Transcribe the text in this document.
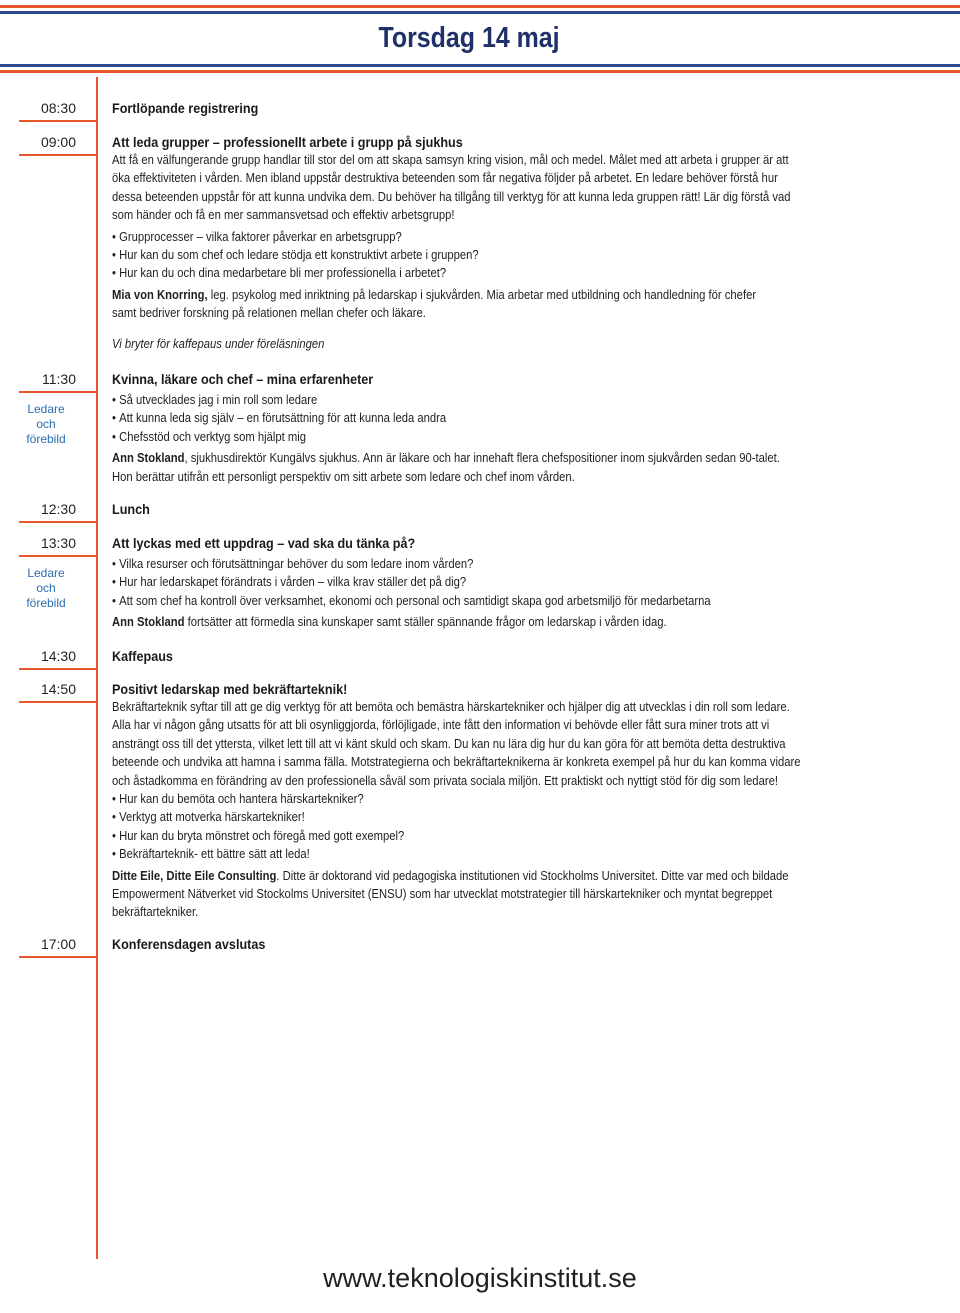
Torsdag 14 maj
08:30
09:00
11:30
Ledare och förebild
12:30
13:30
Ledare och förebild
14:30
14:50
17:00
Fortlöpande registrering
Att leda grupper – professionellt arbete i grupp på sjukhus
Att få en välfungerande grupp handlar till stor del om att skapa samsyn kring vision, mål och medel. Målet med att arbeta i grupper är att
öka effektiviteten i vården. Men ibland uppstår destruktiva beteenden som får negativa följder på arbetet. En ledare behöver förstå hur
dessa beteenden uppstår för att kunna undvika dem. Du behöver ha tillgång till verktyg för att kunna leda gruppen rätt! Lär dig förstå vad
som händer och få en mer sammansvetsad och effektiv arbetsgrupp!
• Grupprocesser – vilka faktorer påverkar en arbetsgrupp?
• Hur kan du som chef och ledare stödja ett konstruktivt arbete i gruppen?
• Hur kan du och dina medarbetare bli mer professionella i arbetet?
Mia von Knorring, leg. psykolog med inriktning på ledarskap i sjukvården. Mia arbetar med utbildning och handledning för chefer
samt bedriver forskning på relationen mellan chefer och läkare.
Vi bryter för kaffepaus under föreläsningen
Kvinna, läkare och chef – mina erfarenheter
• Så utvecklades jag i min roll som ledare
• Att kunna leda sig själv – en förutsättning för att kunna leda andra
• Chefsstöd och verktyg som hjälpt mig
Ann Stokland, sjukhusdirektör Kungälvs sjukhus. Ann är läkare och har innehaft flera chefspositioner inom sjukvården sedan 90-talet.
Hon berättar utifrån ett personligt perspektiv om sitt arbete som ledare och chef inom vården.
Lunch
Att lyckas med ett uppdrag – vad ska du tänka på?
• Vilka resurser och förutsättningar behöver du som ledare inom vården?
• Hur har ledarskapet förändrats i vården – vilka krav ställer det på dig?
• Att som chef ha kontroll över verksamhet, ekonomi och personal och samtidigt skapa god arbetsmiljö för medarbetarna
Ann Stokland fortsätter att förmedla sina kunskaper samt ställer spännande frågor om ledarskap i vården idag.
Kaffepaus
Positivt ledarskap med bekräftarteknik!
Bekräftarteknik syftar till att ge dig verktyg för att bemöta och bemästra härskartekniker och hjälper dig att utvecklas i din roll som ledare.
Alla har vi någon gång utsatts för att bli osynliggjorda, förlöjligade, inte fått den information vi behövde eller fått sura miner trots att vi
ansträngt oss till det yttersta, vilket lett till att vi känt skuld och skam. Du kan nu lära dig hur du kan göra för att bemöta detta destruktiva
beteende och undvika att hamna i samma fälla. Motstrategierna och bekräftarteknikerna är konkreta exempel på hur du kan komma vidare
och åstadkomma en förändring av den professionella såväl som privata sociala miljön. Ett praktiskt och nyttigt stöd för dig som ledare!
• Hur kan du bemöta och hantera härskartekniker?
• Verktyg att motverka härskartekniker!
• Hur kan du bryta mönstret och föregå med gott exempel?
• Bekräftarteknik- ett bättre sätt att leda!
Ditte Eile, Ditte Eile Consulting. Ditte är doktorand vid pedagogiska institutionen vid Stockholms Universitet. Ditte var med och bildade
Empowerment Nätverket vid Stockolms Universitet (ENSU) som har utvecklat motstrategier till härskartekniker och myntat begreppet
bekräftartekniker.
Konferensdagen avslutas
www.teknologiskinstitut.se
